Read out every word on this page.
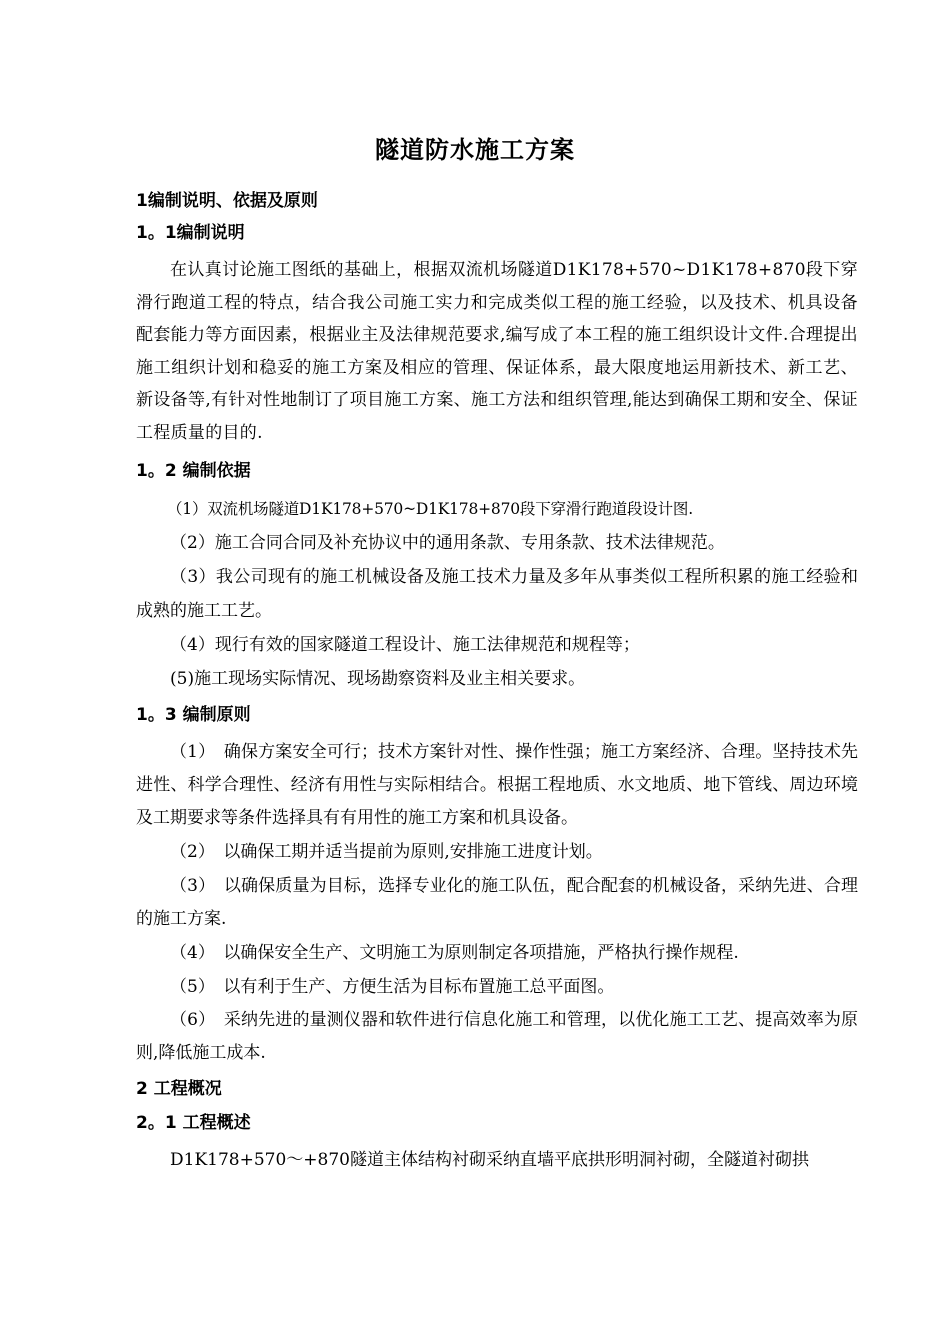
隧道防水施工方案
1编制说明、依据及原则
1。1编制说明

在认真讨论施工图纸的基础上，根据双流机场隧道D1K178+570~D1K178+870段下穿滑行跑道工程的特点，结合我公司施工实力和完成类似工程的施工经验，以及技术、机具设备配套能力等方面因素，根据业主及法律规范要求,编写成了本工程的施工组织设计文件.合理提出施工组织计划和稳妥的施工方案及相应的管理、保证体系，最大限度地运用新技术、新工艺、新设备等,有针对性地制订了项目施工方案、施工方法和组织管理,能达到确保工期和安全、保证工程质量的目的.

1。2 编制依据

（1）双流机场隧道D1K178+570~D1K178+870段下穿滑行跑道段设计图.

（2）施工合同合同及补充协议中的通用条款、专用条款、技术法律规范。

（3）我公司现有的施工机械设备及施工技术力量及多年从事类似工程所积累的施工经验和成熟的施工工艺。

（4）现行有效的国家隧道工程设计、施工法律规范和规程等；

(5)施工现场实际情况、现场勘察资料及业主相关要求。

1。3 编制原则

（1）　确保方案安全可行；技术方案针对性、操作性强；施工方案经济、合理。坚持技术先进性、科学合理性、经济有用性与实际相结合。根据工程地质、水文地质、地下管线、周边环境及工期要求等条件选择具有有用性的施工方案和机具设备。

（2）　以确保工期并适当提前为原则,安排施工进度计划。

（3）　以确保质量为目标，选择专业化的施工队伍，配合配套的机械设备，采纳先进、合理的施工方案.

（4）　以确保安全生产、文明施工为原则制定各项措施，严格执行操作规程.

（5）　以有利于生产、方便生活为目标布置施工总平面图。

（6）　采纳先进的量测仪器和软件进行信息化施工和管理，以优化施工工艺、提高效率为原则,降低施工成本.

2 工程概况
2。1 工程概述

D1K178+570～+870隧道主体结构衬砌采纳直墙平底拱形明洞衬砌，全隧道衬砌拱
